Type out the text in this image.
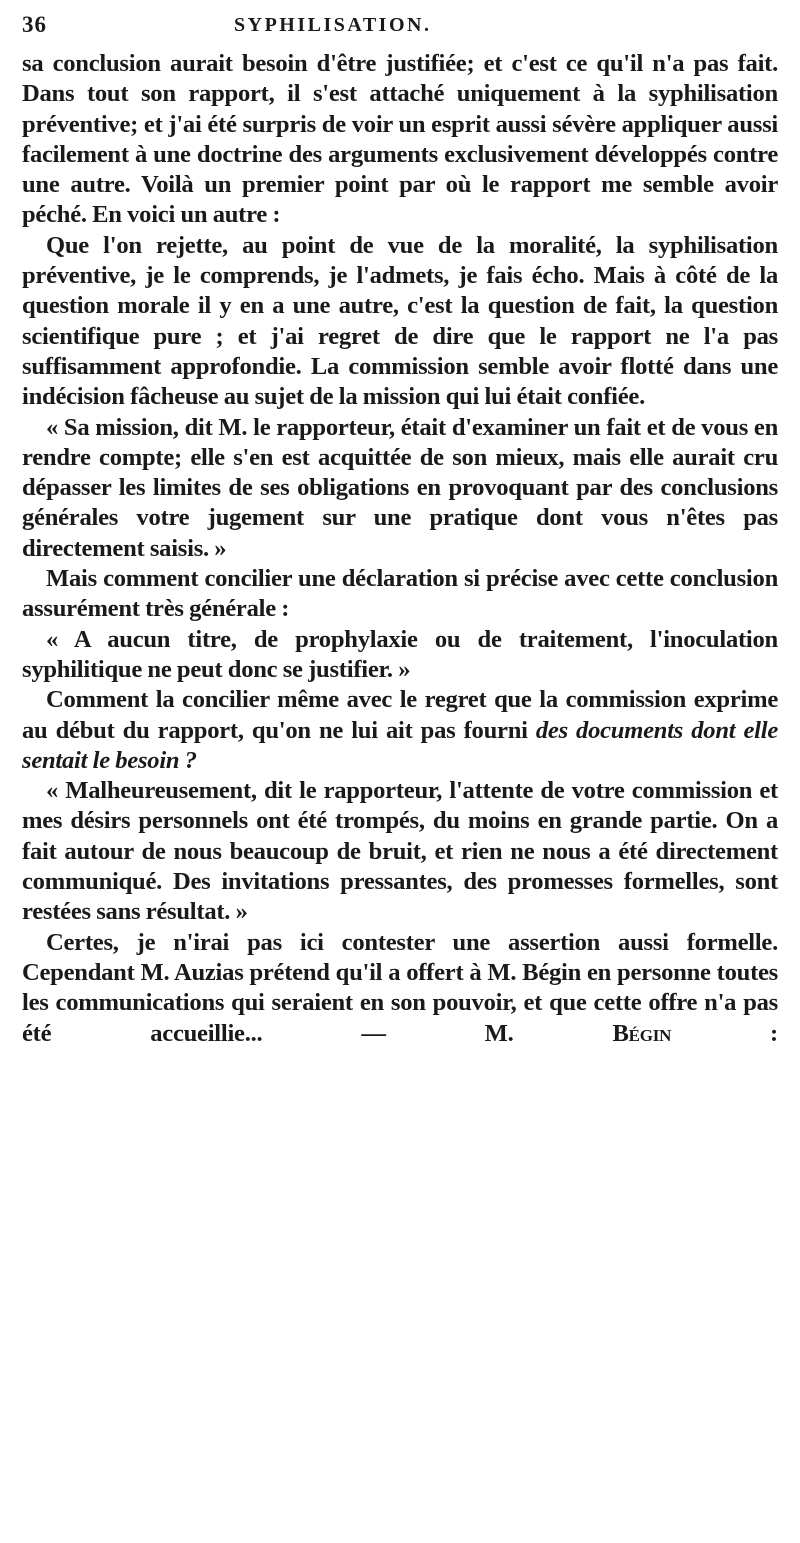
36	SYPHILISATION.

sa conclusion aurait besoin d'être justifiée; et c'est ce qu'il n'a pas fait. Dans tout son rapport, il s'est attaché uniquement à la syphilisation préventive; et j'ai été surpris de voir un esprit aussi sévère appliquer aussi facilement à une doctrine des arguments exclusivement développés contre une autre. Voilà un premier point par où le rapport me semble avoir péché. En voici un autre :

Que l'on rejette, au point de vue de la moralité, la syphilisation préventive, je le comprends, je l'admets, je fais écho. Mais à côté de la question morale il y en a une autre, c'est la question de fait, la question scientifique pure ; et j'ai regret de dire que le rapport ne l'a pas suffisamment approfondie. La commission semble avoir flotté dans une indécision fâcheuse au sujet de la mission qui lui était confiée.

« Sa mission, dit M. le rapporteur, était d'examiner un fait et de vous en rendre compte; elle s'en est acquittée de son mieux, mais elle aurait cru dépasser les limites de ses obligations en provoquant par des conclusions générales votre jugement sur une pratique dont vous n'êtes pas directement saisis. »

Mais comment concilier une déclaration si précise avec cette conclusion assurément très générale :

« A aucun titre, de prophylaxie ou de traitement, l'inoculation syphilitique ne peut donc se justifier. »

Comment la concilier même avec le regret que la commission exprime au début du rapport, qu'on ne lui ait pas fourni des documents dont elle sentait le besoin ?

« Malheureusement, dit le rapporteur, l'attente de votre commission et mes désirs personnels ont été trompés, du moins en grande partie. On a fait autour de nous beaucoup de bruit, et rien ne nous a été directement communiqué. Des invitations pressantes, des promesses formelles, sont restées sans résultat. »

Certes, je n'irai pas ici contester une assertion aussi formelle. Cependant M. Auzias prétend qu'il a offert à M. Bégin en personne toutes les communications qui seraient en son pouvoir, et que cette offre n'a pas été accueillie... — M. Bégin :
